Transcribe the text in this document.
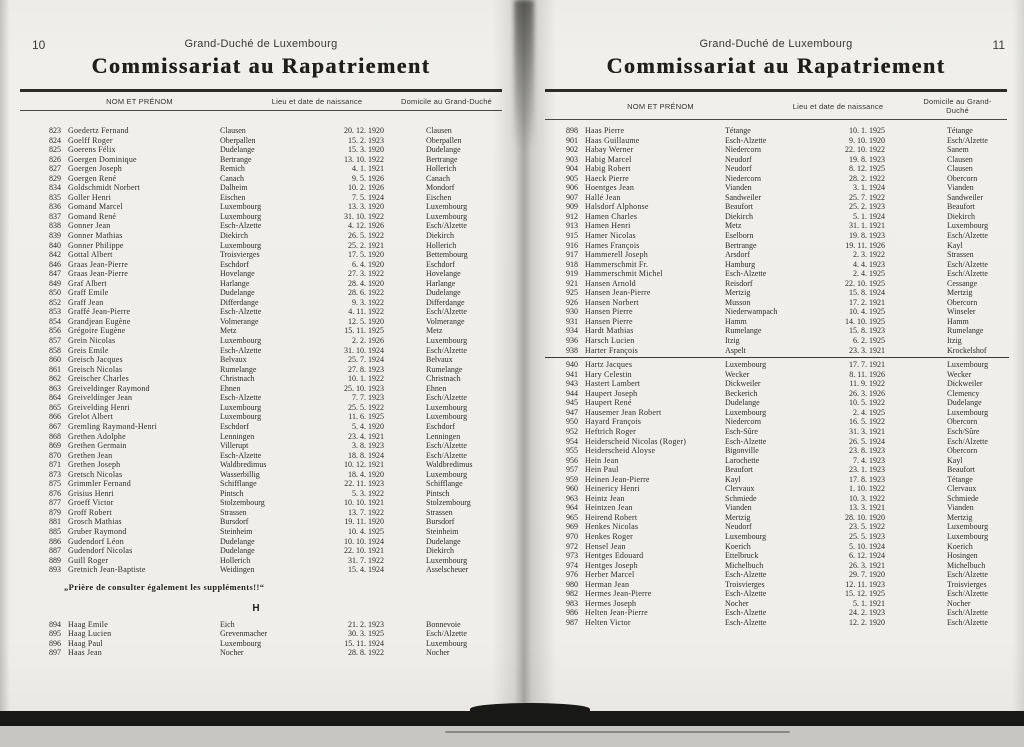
10	Grand-Duché de Luxembourg
Commissariat au Rapatriement
NOM ET PRÉNOM	Lieu et date de naissance	Domicile au Grand-Duché
823 Goedertz Fernand	Clausen	20. 12. 1920	Clausen
824 Goelff Roger	Oberpallen	15. 2. 1923	Oberpallen
825 Goerens Félix	Dudelange	15. 3. 1920	Dudelange
826 Goergen Dominique	Bertrange	13. 10. 1922	Bertrange
827 Goergen Joseph	Remich	4. 1. 1921	Hollerich
829 Goergen René	Canach	9. 5. 1926	Canach
834 Goldschmidt Norbert	Dalheim	10. 2. 1926	Mondorf
835 Goller Henri	Eischen	7. 5. 1924	Eischen
836 Gomand Marcel	Luxembourg	13. 3. 1920	Luxembourg
837 Gomand René	Luxembourg	31. 10. 1922	Luxembourg
838 Gonner Jean	Esch-Alzette	4. 12. 1926	Esch/Alzette
839 Gonner Mathias	Diekirch	26. 5. 1922	Diekirch
840 Gonner Philippe	Luxembourg	25. 2. 1921	Hollerich
842 Gottal Albert	Troisvierges	17. 5. 1920	Bettembourg
846 Graas Jean-Pierre	Eschdorf	6. 4. 1920	Eschdorf
847 Graas Jean-Pierre	Hovelange	27. 3. 1922	Hovelange
849 Graf Albert	Harlange	28. 4. 1920	Harlange
850 Graff Emile	Dudelange	28. 6. 1922	Dudelange
852 Graff Jean	Differdange	9. 3. 1922	Differdange
853 Graffé Jean-Pierre	Esch-Alzette	4. 11. 1922	Esch/Alzette
854 Grandjean Eugène	Volmerange	12. 5. 1920	Volmerange
856 Grégoire Eugène	Metz	15. 11. 1925	Metz
857 Grein Nicolas	Luxembourg	2. 2. 1926	Luxembourg
858 Greis Emile	Esch-Alzette	31. 10. 1924	Esch/Alzette
860 Greisch Jacques	Belvaux	25. 7. 1924	Belvaux
861 Greisch Nicolas	Rumelange	27. 8. 1923	Rumelange
862 Greischer Charles	Christnach	10. 1. 1922	Christnach
863 Greiveldinger Raymond	Ehnen	25. 10. 1923	Ehnen
864 Greiveldinger Jean	Esch-Alzette	7. 7. 1923	Esch/Alzette
865 Greivelding Henri	Luxembourg	25. 5. 1922	Luxembourg
866 Grelot Albert	Luxembourg	11. 6. 1925	Luxembourg
867 Gremling Raymond-Henri	Eschdorf	5. 4. 1920	Eschdorf
868 Grethen Adolphe	Lenningen	23. 4. 1921	Lenningen
869 Grethen Germain	Villerupt	3. 8. 1923	Esch/Alzette
870 Grethen Jean	Esch-Alzette	18. 8. 1924	Esch/Alzette
871 Grethen Joseph	Waldbredimus	10. 12. 1921	Waldbredimus
873 Gretsch Nicolas	Wasserbillig	18. 4. 1920	Luxembourg
875 Grimmler Fernand	Schifflange	22. 11. 1923	Schifflange
876 Grisius Henri	Pintsch	5. 3. 1922	Pintsch
877 Groeff Victor	Stolzembourg	10. 10. 1921	Stolzembourg
879 Groff Robert	Strassen	13. 7. 1922	Strassen
881 Grosch Mathias	Bursdorf	19. 11. 1920	Bursdorf
885 Gruber Raymond	Steinheim	10. 4. 1925	Steinheim
886 Gudendorf Léon	Dudelange	10. 10. 1924	Dudelange
887 Gudendorf Nicolas	Dudelange	22. 10. 1921	Diekirch
889 Guill Roger	Hollerich	31. 7. 1922	Luxembourg
893 Gretnich Jean-Baptiste	Weidingen	15. 4. 1924	Asselscheuer
„Prière de consulter également les suppléments!!“
H
894 Haag Emile	Eich	21. 2. 1923	Bonnevoie
895 Haag Lucien	Grevenmacher	30. 3. 1925	Esch/Alzette
896 Haag Paul	Luxembourg	15. 11. 1924	Luxembourg
897 Haas Jean	Nocher	28. 8. 1922	Nocher
11
Grand-Duché de Luxembourg
Commissariat au Rapatriement
NOM ET PRÉNOM	Lieu et date de naissance	Domicile au Grand-Duché
898 Haas Pierre	Tétange	10. 1. 1925	Tétange
901 Haas Guillaume	Esch-Alzette	9. 10. 1920	Esch/Alzette
902 Habay Werner	Niedercorn	22. 10. 1922	Sanem
903 Habig Marcel	Neudorf	19. 8. 1923	Clausen
904 Habig Robert	Neudorf	8. 12. 1925	Clausen
905 Haeck Pierre	Niedercorn	28. 2. 1922	Obercorn
906 Hoentges Jean	Vianden	3. 1. 1924	Vianden
907 Hallé Jean	Sandweiler	25. 7. 1922	Sandweiler
909 Halsdorf Alphonse	Beaufort	25. 2. 1923	Beaufort
912 Hamen Charles	Diekirch	5. 1. 1924	Diekirch
913 Hamen Henri	Metz	31. 1. 1921	Luxembourg
915 Hamer Nicolas	Eselborn	19. 8. 1923	Esch/Alzette
916 Hames François	Bertrange	19. 11. 1926	Kayl
917 Hammerell Joseph	Arsdorf	2. 3. 1922	Strassen
918 Hammerschmit Fr.	Hamburg	4. 4. 1923	Esch/Alzette
919 Hammerschmit Michel	Esch-Alzette	2. 4. 1925	Esch/Alzette
921 Hansen Arnold	Reisdorf	22. 10. 1925	Cessange
925 Hansen Jean-Pierre	Mertzig	15. 8. 1924	Mertzig
926 Hansen Norbert	Musson	17. 2. 1921	Obercorn
930 Hansen Pierre	Niederwampach	10. 4. 1925	Winseler
931 Hansen Pierre	Hamm	14. 10. 1925	Hamm
934 Hardt Mathias	Rumelange	15. 8. 1923	Rumelange
936 Harsch Lucien	Itzig	6. 2. 1925	Itzig
938 Harter François	Aspelt	23. 3. 1921	Krockelshof
940 Hartz Jacques	Luxembourg	17. 7. 1921	Luxembourg
941 Hary Celestin	Wecker	8. 11. 1926	Wecker
943 Hastert Lambert	Dickweiler	11. 9. 1922	Dickweiler
944 Haupert Joseph	Beckerich	26. 3. 1926	Clemency
945 Haupert René	Dudelange	10. 5. 1922	Dudelange
947 Hausemer Jean Robert	Luxembourg	2. 4. 1925	Luxembourg
950 Hayard François	Niedercorn	16. 5. 1922	Obercorn
952 Heftrich Roger	Esch-Sûre	31. 3. 1921	Esch/Sûre
954 Heiderscheid Nicolas (Roger)	Esch-Alzette	26. 5. 1924	Esch/Alzette
955 Heiderscheid Aloyse	Bigonville	23. 8. 1923	Obercorn
956 Hein Jean	Larochette	7. 4. 1923	Kayl
957 Hein Paul	Beaufort	23. 1. 1923	Beaufort
959 Heinen Jean-Pierre	Kayl	17. 8. 1923	Tétange
960 Heinericy Henri	Clervaux	1. 10. 1922	Clervaux
963 Heintz Jean	Schmiede	10. 3. 1922	Schmiede
964 Heintzen Jean	Vianden	13. 3. 1921	Vianden
965 Heirend Robert	Mertzig	28. 10. 1920	Mertzig
969 Henkes Nicolas	Neudorf	23. 5. 1922	Luxembourg
970 Henkes Roger	Luxembourg	25. 5. 1923	Luxembourg
972 Hensel Jean	Koerich	5. 10. 1924	Koerich
973 Hentges Edouard	Ettelbruck	6. 12. 1924	Hosingen
974 Hentges Joseph	Michelbuch	26. 3. 1921	Michelbuch
976 Herber Marcel	Esch-Alzette	29. 7. 1920	Esch/Alzette
980 Herman Jean	Troisvierges	12. 11. 1923	Troisvierges
982 Hermes Jean-Pierre	Esch-Alzette	15. 12. 1925	Esch/Alzette
983 Hermes Joseph	Nocher	5. 1. 1921	Nocher
986 Helten Jean-Pierre	Esch-Alzette	24. 2. 1923	Esch/Alzette
987 Helten Victor	Esch-Alzette	12. 2. 1920	Esch/Alzette
